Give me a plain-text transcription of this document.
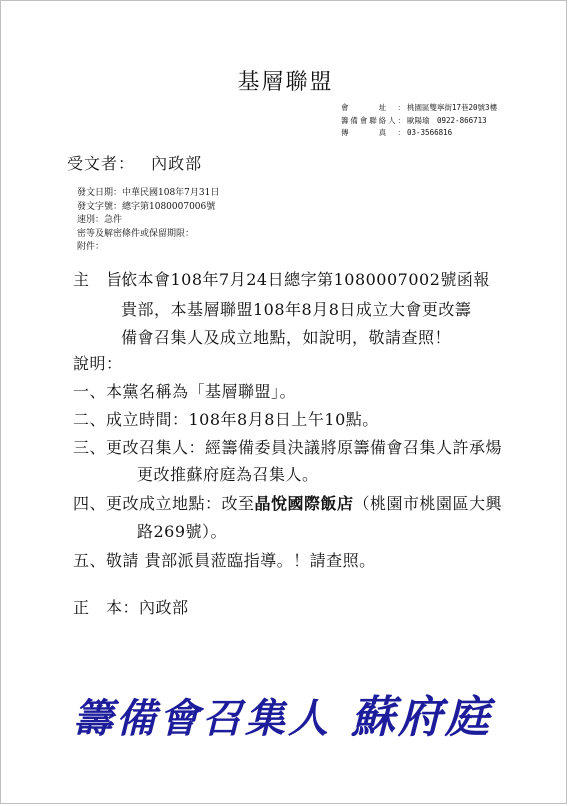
基層聯盟
會　址： 桃園區雙寧街17巷20號3樓
籌備會聯絡人： 歐陽瑜　0922-866713
傳　真： 03-3566816
受文者： 內政部
發文日期：中華民國108年7月31日
發文字號：總字第1080007006號
速別：急件
密等及解密條件或保留期限：
附件：
主　旨：
依本會108年7月24日總字第1080007002號函報
貴部，本基層聯盟108年8月8日成立大會更改籌
備會召集人及成立地點，如說明，敬請查照！
說明：
一、本黨名稱為「基層聯盟」。
二、成立時間：108年8月8日上午10點。
三、更改召集人：經籌備委員決議將原籌備會召集人許承煬
更改推蘇府庭為召集人。
四、更改成立地點：改至晶悅國際飯店（桃園市桃園區大興
路269號）。
五、敬請 貴部派員蒞臨指導。！請查照。
正　本：內政部
籌備會召集人 蘇府庭
